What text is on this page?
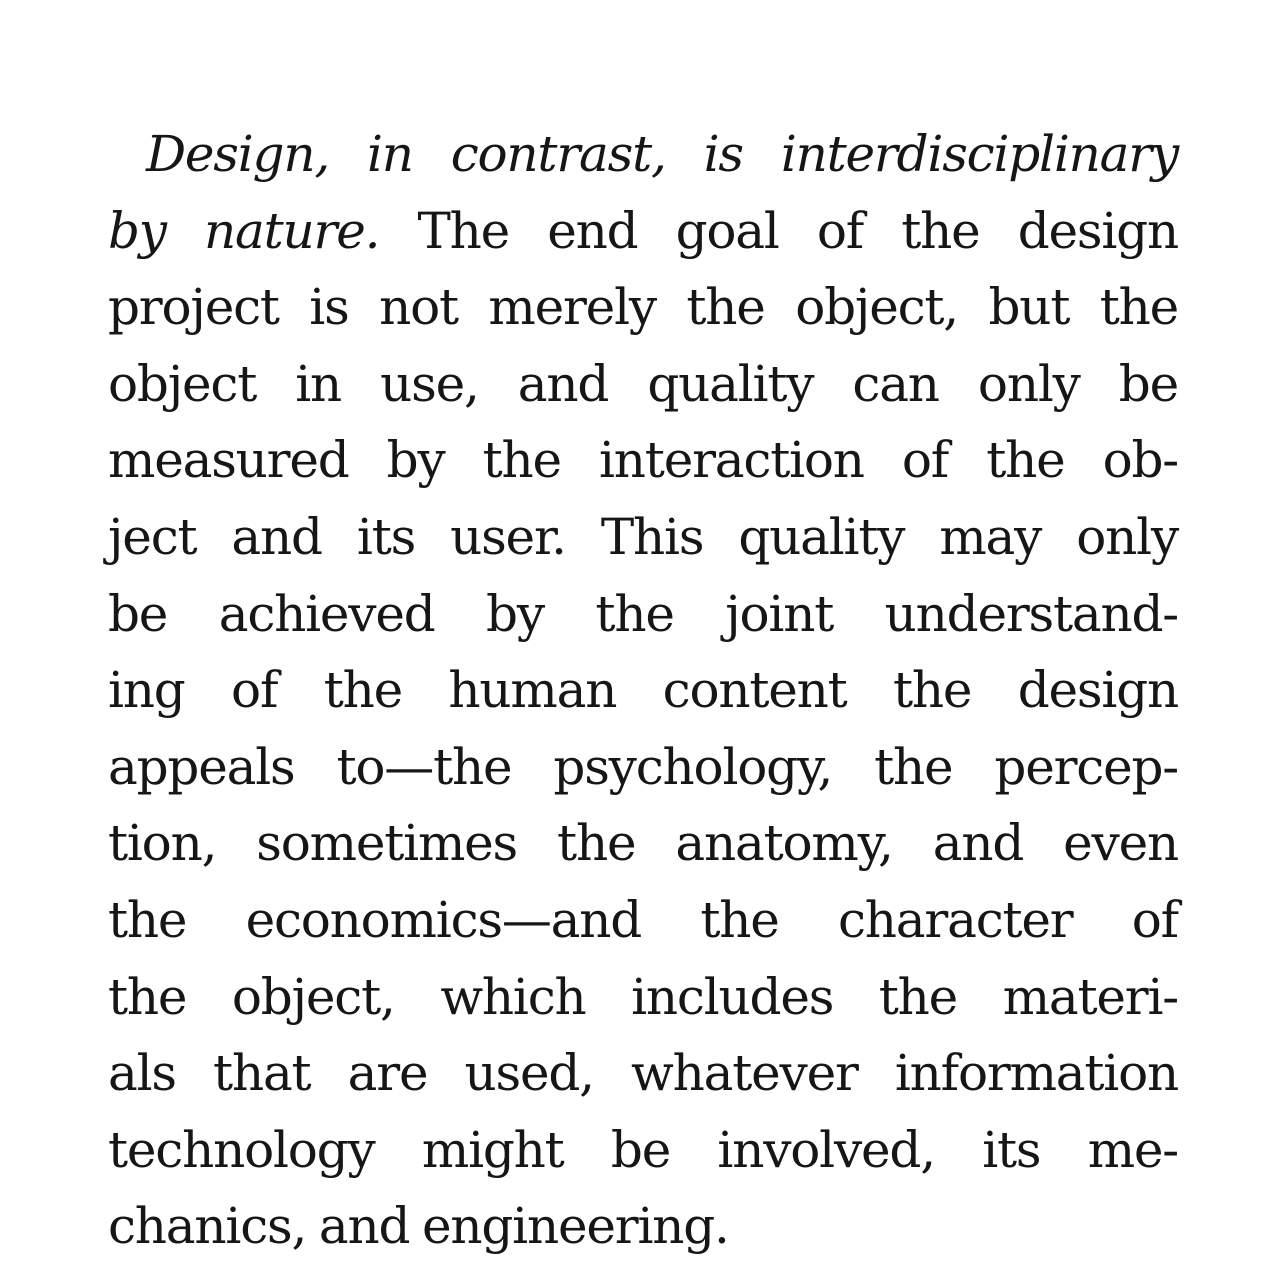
Design, in contrast, is interdisciplinary
by nature. The end goal of the design
project is not merely the object, but the
object in use, and quality can only be
measured by the interaction of the ob-
ject and its user. This quality may only
be achieved by the joint understand-
ing of the human content the design
appeals to—the psychology, the percep-
tion, sometimes the anatomy, and even
the economics—and the character of
the object, which includes the materi-
als that are used, whatever information
technology might be involved, its me-
chanics, and engineering.
